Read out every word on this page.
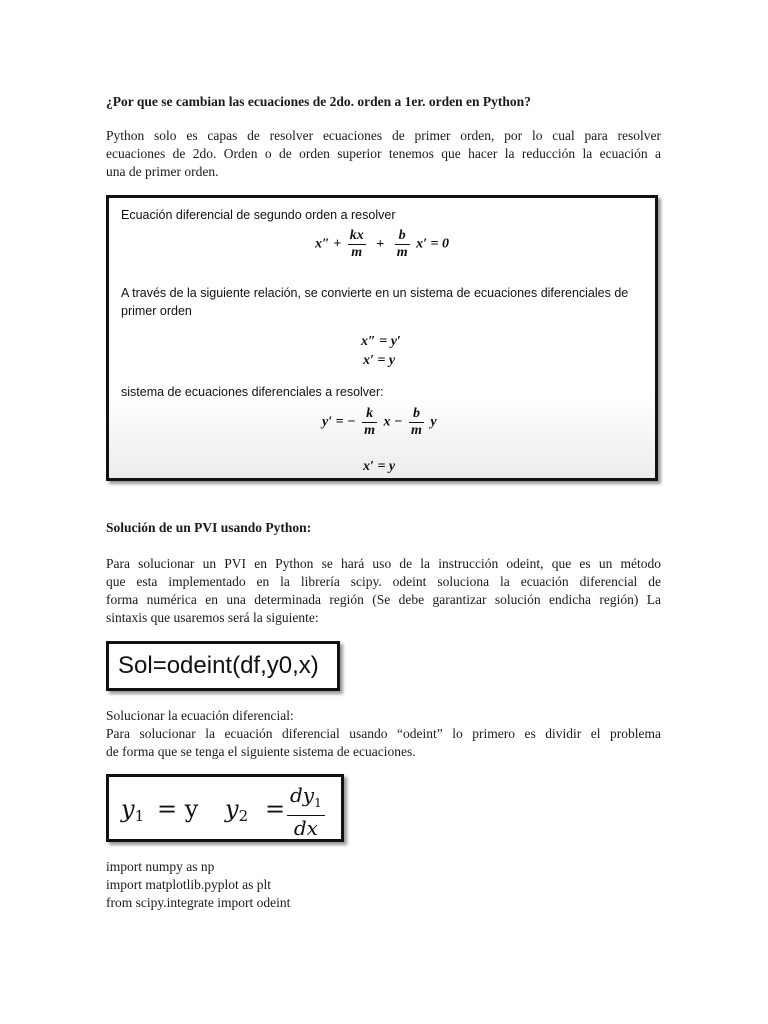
¿Por que se cambian las ecuaciones de 2do. orden a 1er. orden en Python?
Python solo es capas de resolver ecuaciones de primer orden, por lo cual para resolver
ecuaciones de 2do. Orden o de orden superior tenemos que hacer la reducción la ecuación a
una de primer orden.
Ecuación diferencial de segundo orden a resolver
$x'' + \frac{kx}{m} + \frac{b}{m} x' = 0$
A través de la siguiente relación, se convierte en un sistema de ecuaciones diferenciales de
primer orden
x″ = y′
x′ = y
sistema de ecuaciones diferenciales a resolver:
y′ = − $\frac{k}{m}$ $x - \frac{b}{m}$ y
x′ = y
Solución de un PVI usando Python:
Para solucionar un PVI en Python se hará uso de la instrucción odeint, que es un método
que esta implementado en la librería scipy. odeint soluciona la ecuación diferencial de
forma numérica en una determinada región (Se debe garantizar solución endicha región) La
sintaxis que usaremos será la siguiente:
Sol=odeint(df,y0,x)
Solucionar la ecuación diferencial:
Para solucionar la ecuación diferencial usando “odeint” lo primero es dividir el problema
de forma que se tenga el siguiente sistema de ecuaciones.
$y_1 = y$ $y_2 = \frac{dy_1}{dx}$
import numpy as np
import matplotlib.pyplot as plt
from scipy.integrate import odeint
